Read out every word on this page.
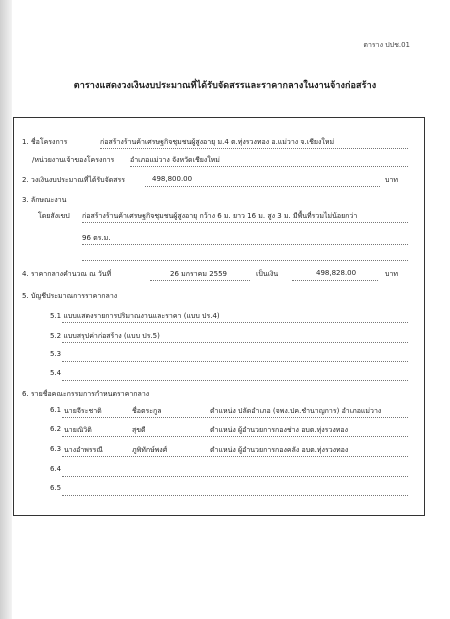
ตาราง ปปช.01
ตารางแสดงวงเงินงบประมาณที่ได้รับจัดสรรและราคากลางในงานจ้างก่อสร้าง
1. ชื่อโครงการ	ก่อสร้างร้านค้าเศรษฐกิจชุมชนผู้สูงอายุ ม.4 ต.ทุ่งรวงทอง อ.แม่วาง จ.เชียงใหม่
/หน่วยงานเจ้าของโครงการ อำเภอแม่วาง จังหวัดเชียงใหม่
2. วงเงินงบประมาณที่ได้รับจัดสรร	498,800.00	บาท
3. ลักษณะงาน
โดยสังเขป ก่อสร้างร้านค้าเศรษฐกิจชุมชนผู้สูงอายุ กว้าง 6 ม. ยาว 16 ม. สูง 3 ม. มีพื้นที่รวมไม่น้อยกว่า
96 ตร.ม.
4. ราคากลางคำนวณ ณ วันที่	26 มกราคม 2559	เป็นเงิน	498,828.00	บาท
5. บัญชีประมาณการราคากลาง
5.1 แบบแสดงรายการปริมาณงานและราคา (แบบ ปร.4)
5.2 แบบสรุปค่าก่อสร้าง (แบบ ปร.5)
5.3
5.4
6. รายชื่อคณะกรรมการกำหนดราคากลาง
6.1 นายจีระชาติ	ชื่อตระกูล	ตำแหน่ง ปลัดอำเภอ (จพง.ปค.ชำนาญการ) อำเภอแม่วาง
6.2 นายณิวิติ	สุขดี	ตำแหน่ง ผู้อำนวยการกองช่าง อบต.ทุ่งรวงทอง
6.3 นางอำพรรณี	ภูพิทักษ์พงศ์	ตำแหน่ง ผู้อำนวยการกองคลัง อบต.ทุ่งรวงทอง
6.4
6.5
